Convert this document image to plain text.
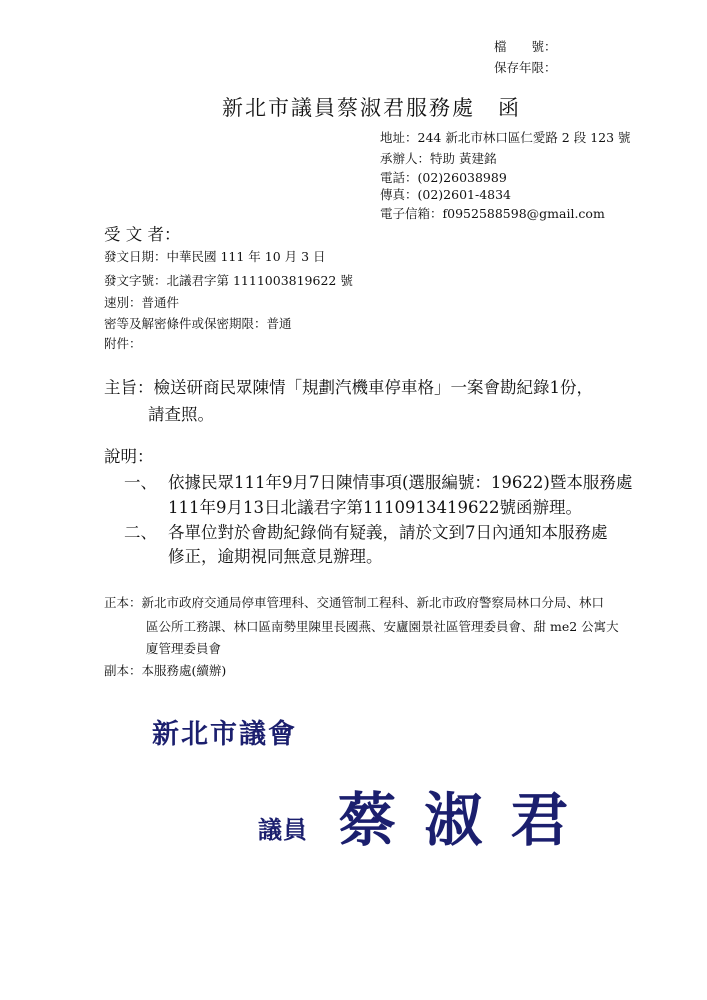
檔　　號：
保存年限：
新北市議員蔡淑君服務處　函
地址：244 新北市林口區仁愛路 2 段 123 號
承辦人：特助 黃建銘
電話：(02)26038989
傳真：(02)2601-4834
電子信箱：f0952588598@gmail.com
受 文 者：
發文日期：中華民國 111 年 10 月 3 日
發文字號：北議君字第 1111003819622 號
速別：普通件
密等及解密條件或保密期限：普通
附件：
主旨：檢送研商民眾陳情「規劃汽機車停車格」一案會勘紀錄1份，
請查照。
說明：
一、 依據民眾111年9月7日陳情事項(選服編號：19622)暨本服務處
111年9月13日北議君字第1110913419622號函辦理。
二、 各單位對於會勘紀錄倘有疑義，請於文到7日內通知本服務處
修正，逾期視同無意見辦理。
正本：新北市政府交通局停車管理科、交通管制工程科、新北市政府警察局林口分局、林口
區公所工務課、林口區南勢里陳里長國燕、安廬園景社區管理委員會、甜 me2 公寓大
廈管理委員會
副本：本服務處(續辦)
新北市議會
議員 蔡 淑 君
